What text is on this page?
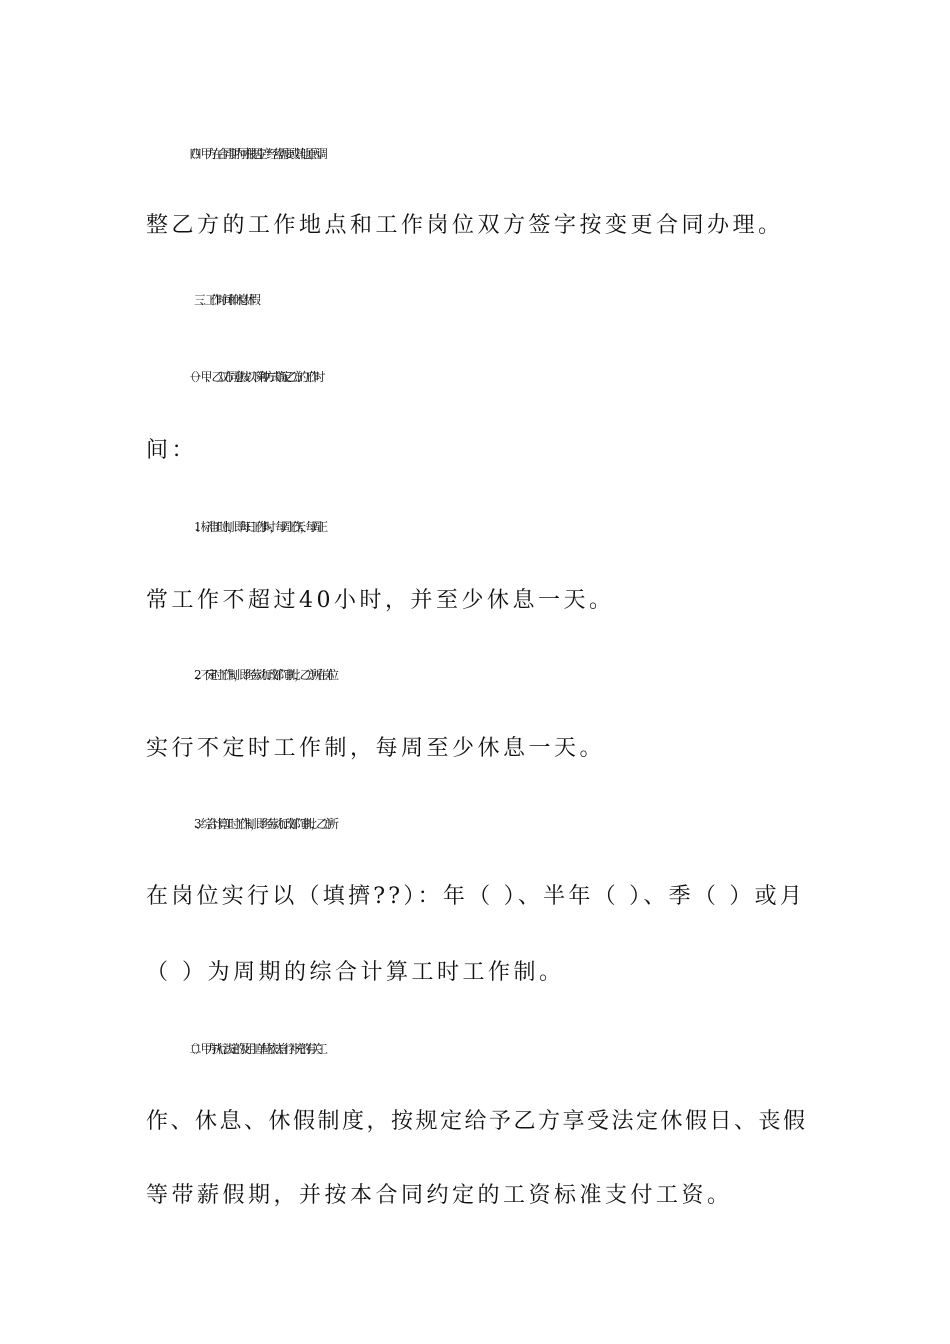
（四）甲方在合同期内可根据生产经营需要或其他原因调
整乙方的工作地点和工作岗位双方签字按变更合同办理。
三、工作时间和休息休假
（一）甲、乙双方同意按以下第 种方式确定乙方的工作时
间：
1、标准工时制，即每日工作 小时，每周工作 天，每周正
常工作不超过40小时，并至少休息一天。
2、不定时工作制，即经劳动行政部门审批，乙方所在岗位
实行不定时工作制，每周至少休息一天。
3、综合计算工时工作制，即经劳动行政部门审批，乙方所
在岗位实行以（填擠??）：年（ ）、半年（ ）、季（ ）或月
（ ）为周期的综合计算工时工作制。
（二）甲方执行法定的及用工单位依法自行补充的有关工
作、休息、休假制度，按规定给予乙方享受法定休假日、丧假
等带薪假期，并按本合同约定的工资标准支付工资。
